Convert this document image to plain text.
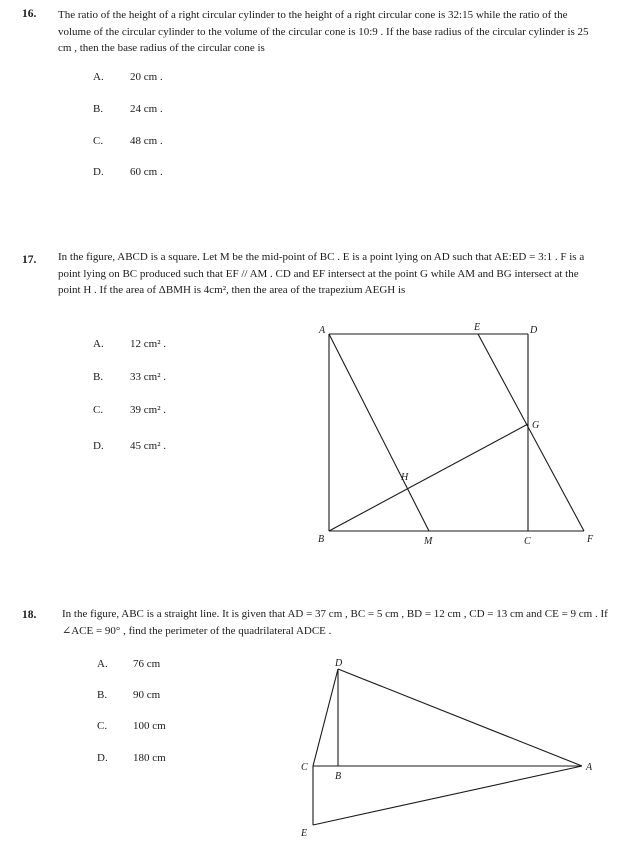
16. The ratio of the height of a right circular cylinder to the height of a right circular cone is 32:15 while the ratio of the volume of the circular cylinder to the volume of the circular cone is 10:9 . If the base radius of the circular cylinder is 25 cm , then the base radius of the circular cone is
A. 20 cm .
B. 24 cm .
C. 48 cm .
D. 60 cm .
17. In the figure, ABCD is a square. Let M be the mid-point of BC . E is a point lying on AD such that AE:ED = 3:1 . F is a point lying on BC produced such that EF // AM . CD and EF intersect at the point G while AM and BG intersect at the point H . If the area of ΔBMH is 4cm², then the area of the trapezium AEGH is
A. 12 cm² .
B. 33 cm² .
C. 39 cm² .
D. 45 cm² .
18. In the figure, ABC is a straight line. It is given that AD = 37 cm , BC = 5 cm , BD = 12 cm , CD = 13 cm and CE = 9 cm . If ∠ACE = 90° , find the perimeter of the quadrilateral ADCE .
A. 76 cm
B. 90 cm
C. 100 cm
D. 180 cm
A	E	D
G
H
B	M	C	F
D
C
B
A
E
